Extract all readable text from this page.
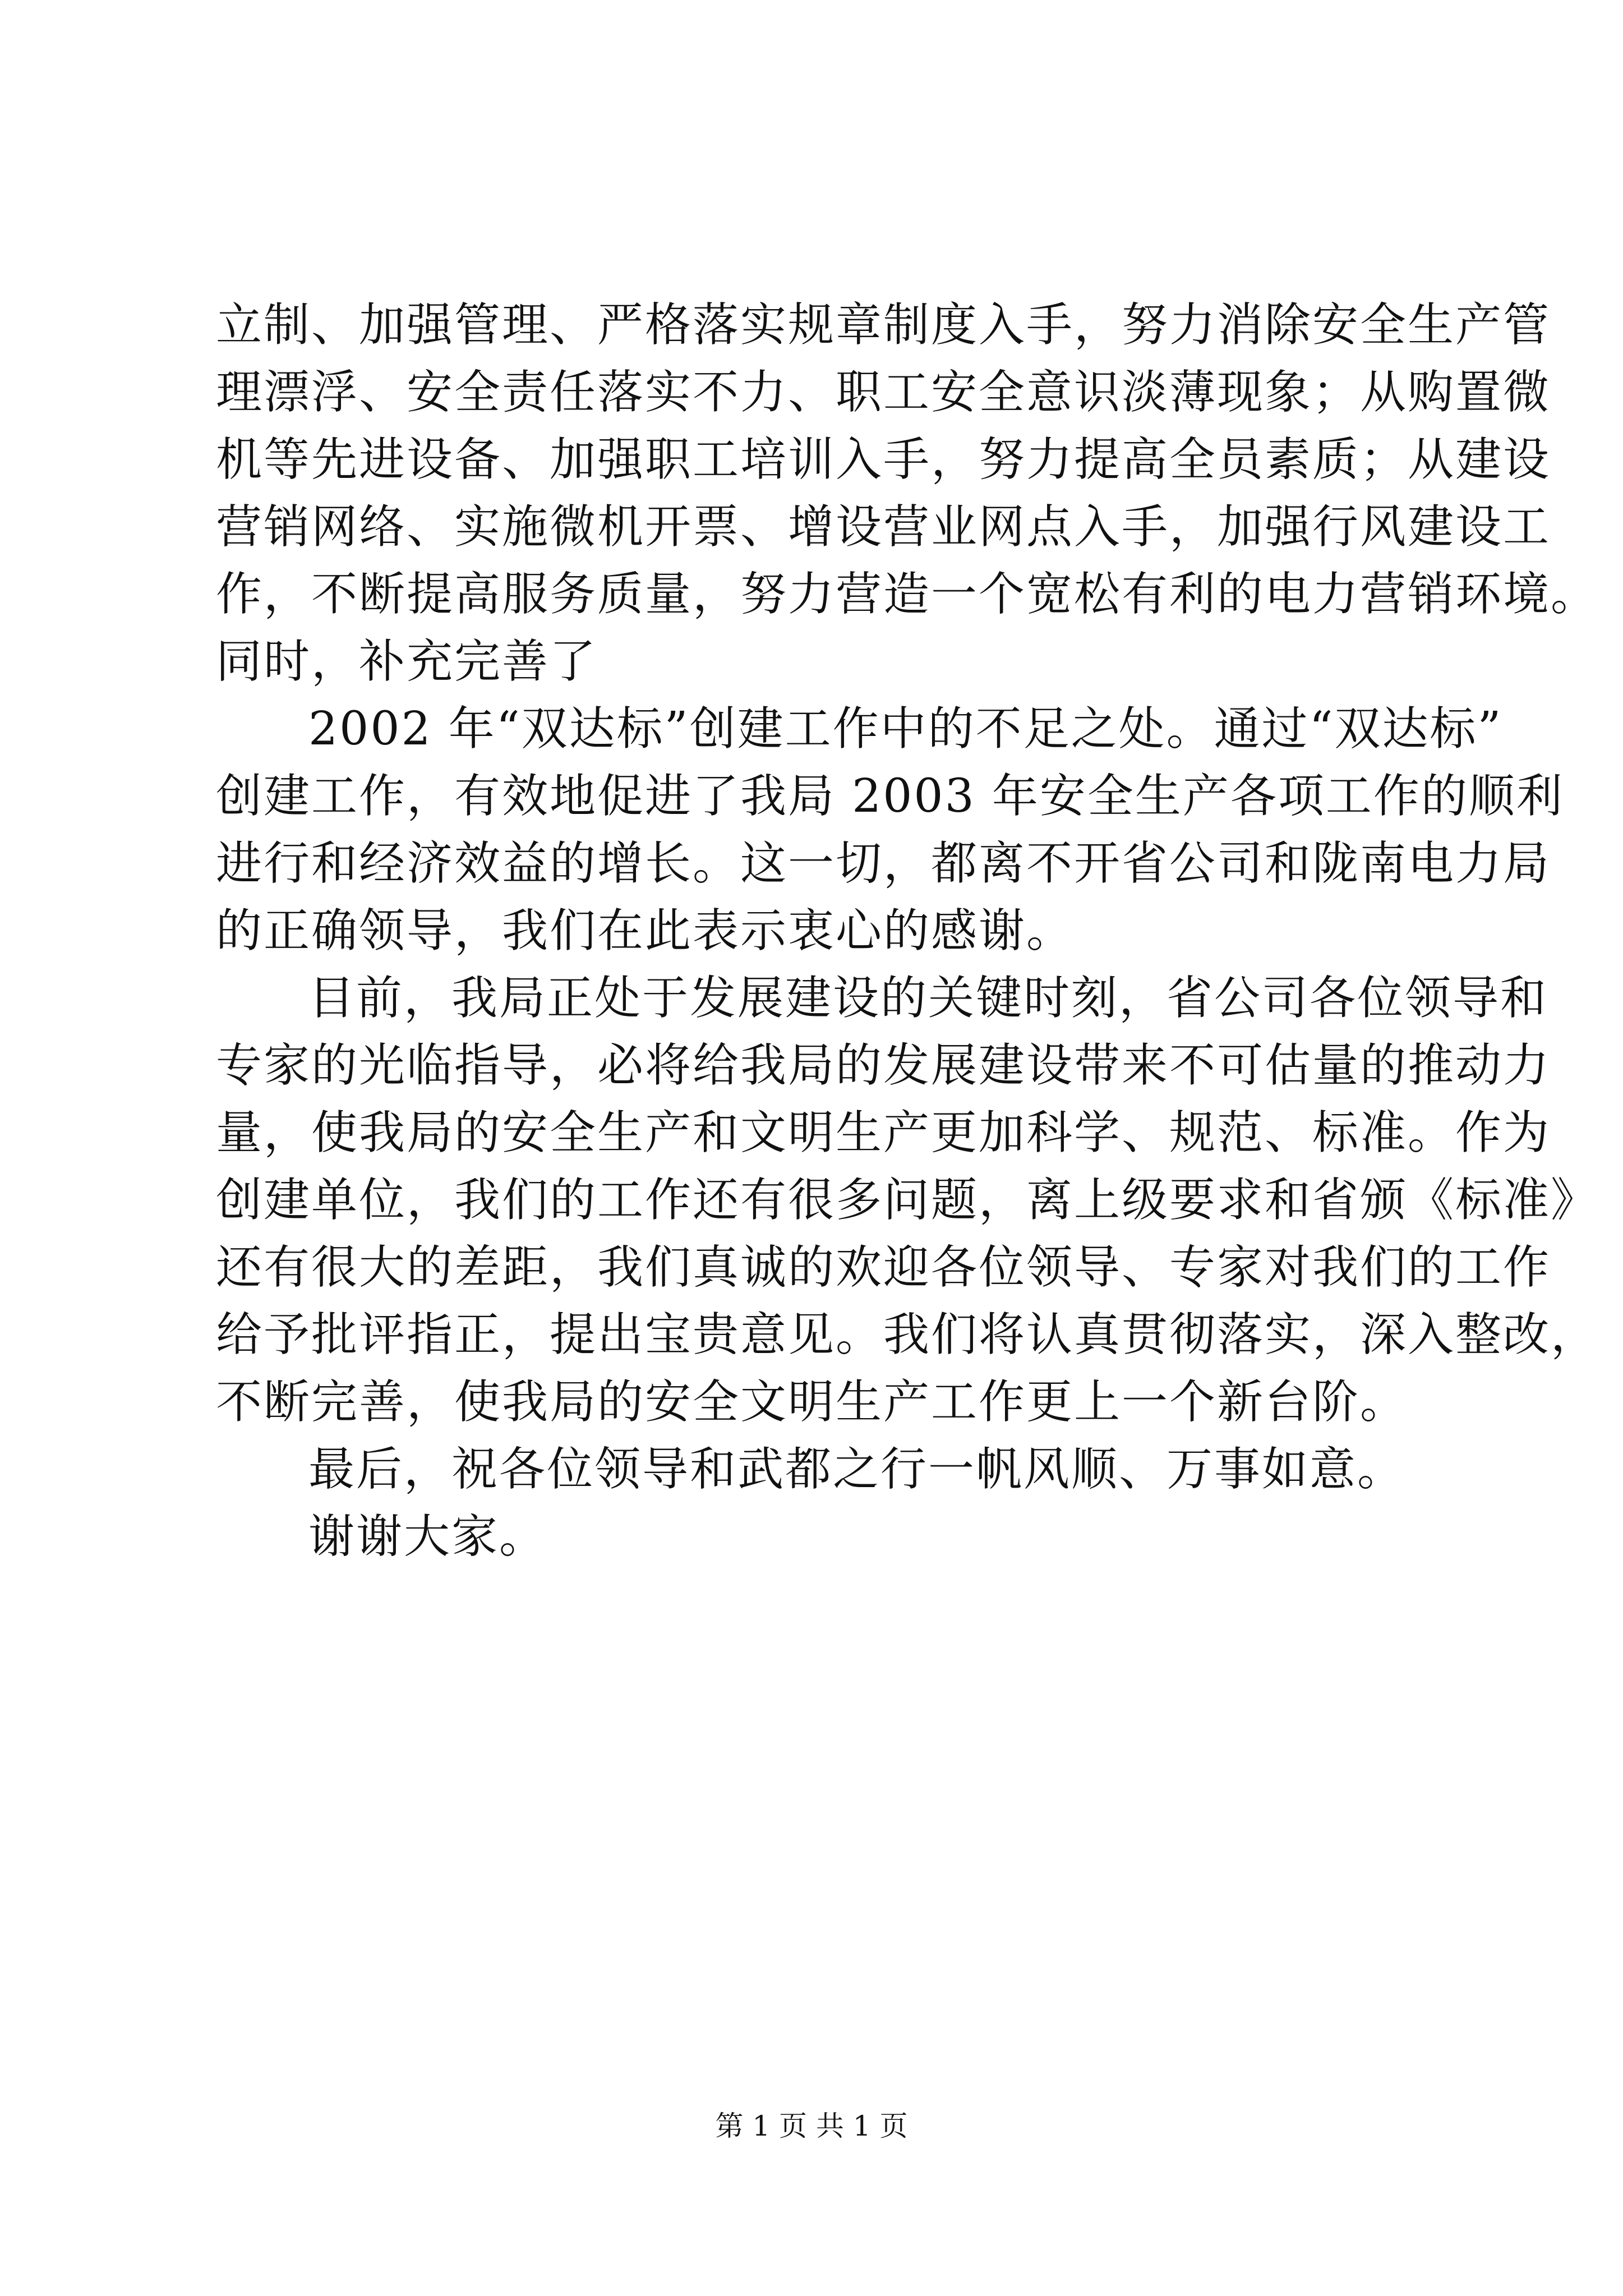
立制、加强管理、严格落实规章制度入手，努力消除安全生产管
理漂浮、安全责任落实不力、职工安全意识淡薄现象；从购置微
机等先进设备、加强职工培训入手，努力提高全员素质；从建设
营销网络、实施微机开票、增设营业网点入手，加强行风建设工
作，不断提高服务质量，努力营造一个宽松有利的电力营销环境。
同时，补充完善了
2002 年“双达标”创建工作中的不足之处。通过“双达标”
创建工作，有效地促进了我局 2003 年安全生产各项工作的顺利
进行和经济效益的增长。这一切，都离不开省公司和陇南电力局
的正确领导，我们在此表示衷心的感谢。
目前，我局正处于发展建设的关键时刻，省公司各位领导和
专家的光临指导，必将给我局的发展建设带来不可估量的推动力
量，使我局的安全生产和文明生产更加科学、规范、标准。作为
创建单位，我们的工作还有很多问题，离上级要求和省颁《标准》
还有很大的差距，我们真诚的欢迎各位领导、专家对我们的工作
给予批评指正，提出宝贵意见。我们将认真贯彻落实，深入整改，
不断完善，使我局的安全文明生产工作更上一个新台阶。
最后，祝各位领导和武都之行一帆风顺、万事如意。
谢谢大家。
第 1 页 共 1 页
